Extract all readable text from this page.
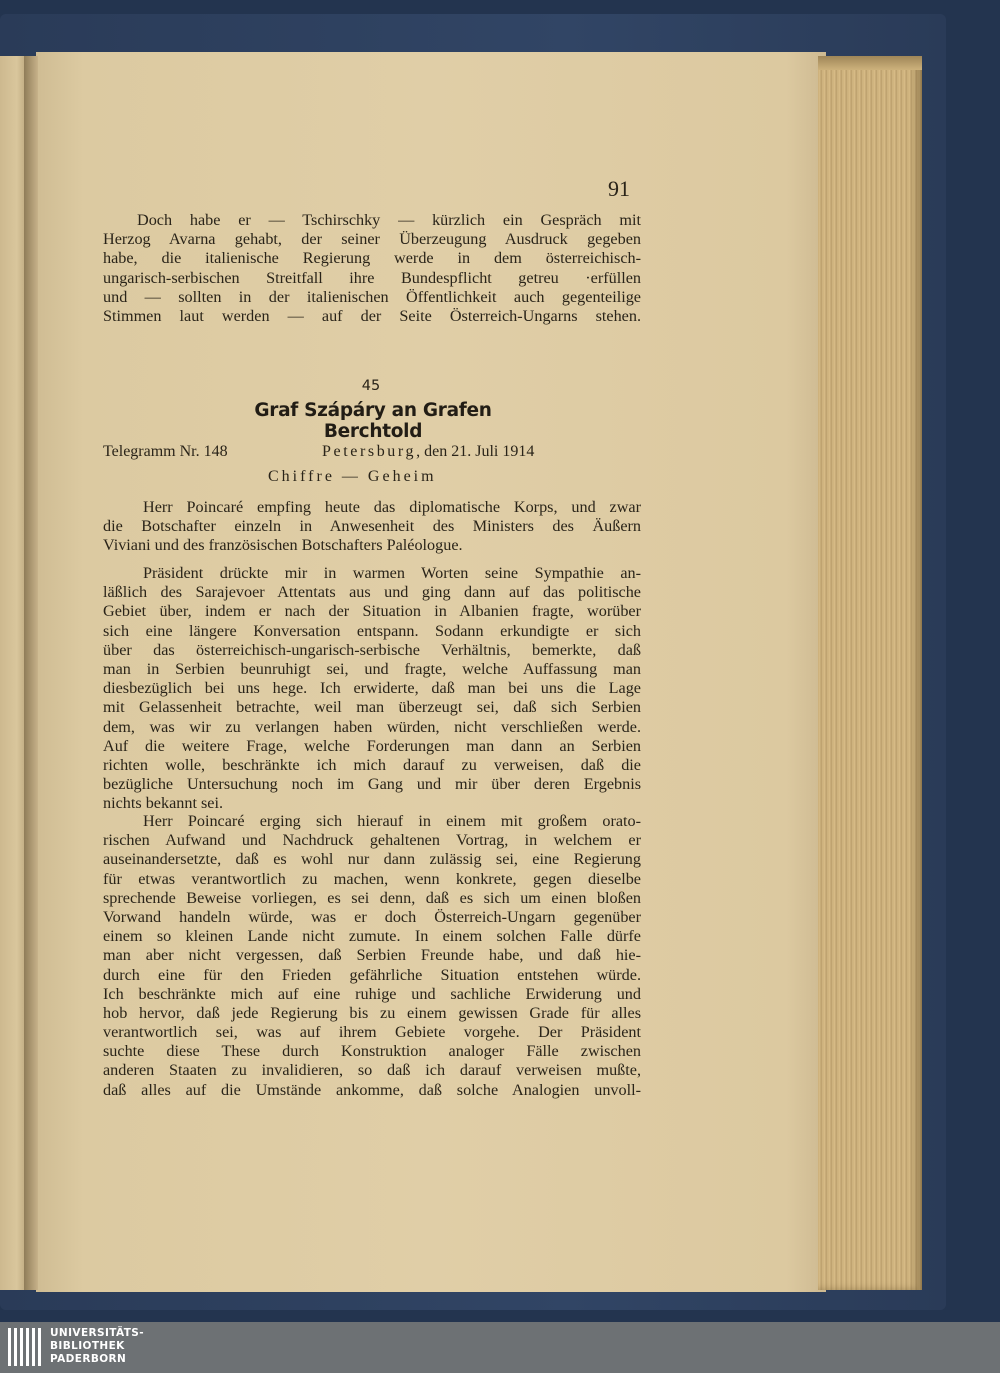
91
Doch habe er — Tschirschky — kürzlich ein Gespräch mit
Herzog Avarna gehabt, der seiner Überzeugung Ausdruck gegeben
habe, die italienische Regierung werde in dem österreichisch-
ungarisch-serbischen Streitfall ihre Bundespflicht getreu ·erfüllen
und — sollten in der italienischen Öffentlichkeit auch gegenteilige
Stimmen laut werden — auf der Seite Österreich-Ungarns stehen.
45
Graf Szápáry an Grafen Berchtold
Telegramm Nr. 148	Petersburg, den 21. Juli 1914
Chiffre — Geheim
Herr Poincaré empfing heute das diplomatische Korps, und zwar
die Botschafter einzeln in Anwesenheit des Ministers des Äußern
Viviani und des französischen Botschafters Paléologue.
Präsident drückte mir in warmen Worten seine Sympathie an-
läßlich des Sarajevoer Attentats aus und ging dann auf das politische
Gebiet über, indem er nach der Situation in Albanien fragte, worüber
sich eine längere Konversation entspann. Sodann erkundigte er sich
über das österreichisch-ungarisch-serbische Verhältnis, bemerkte, daß
man in Serbien beunruhigt sei, und fragte, welche Auffassung man
diesbezüglich bei uns hege. Ich erwiderte, daß man bei uns die Lage
mit Gelassenheit betrachte, weil man überzeugt sei, daß sich Serbien
dem, was wir zu verlangen haben würden, nicht verschließen werde.
Auf die weitere Frage, welche Forderungen man dann an Serbien
richten wolle, beschränkte ich mich darauf zu verweisen, daß die
bezügliche Untersuchung noch im Gang und mir über deren Ergebnis
nichts bekannt sei.
Herr Poincaré erging sich hierauf in einem mit großem orato-
rischen Aufwand und Nachdruck gehaltenen Vortrag, in welchem er
auseinandersetzte, daß es wohl nur dann zulässig sei, eine Regierung
für etwas verantwortlich zu machen, wenn konkrete, gegen dieselbe
sprechende Beweise vorliegen, es sei denn, daß es sich um einen bloßen
Vorwand handeln würde, was er doch Österreich-Ungarn gegenüber
einem so kleinen Lande nicht zumute. In einem solchen Falle dürfe
man aber nicht vergessen, daß Serbien Freunde habe, und daß hie-
durch eine für den Frieden gefährliche Situation entstehen würde.
Ich beschränkte mich auf eine ruhige und sachliche Erwiderung und
hob hervor, daß jede Regierung bis zu einem gewissen Grade für alles
verantwortlich sei, was auf ihrem Gebiete vorgehe. Der Präsident
suchte diese These durch Konstruktion analoger Fälle zwischen
anderen Staaten zu invalidieren, so daß ich darauf verweisen mußte,
daß alles auf die Umstände ankomme, daß solche Analogien unvoll-
UNIVERSITÄTS-
BIBLIOTHEK
PADERBORN
